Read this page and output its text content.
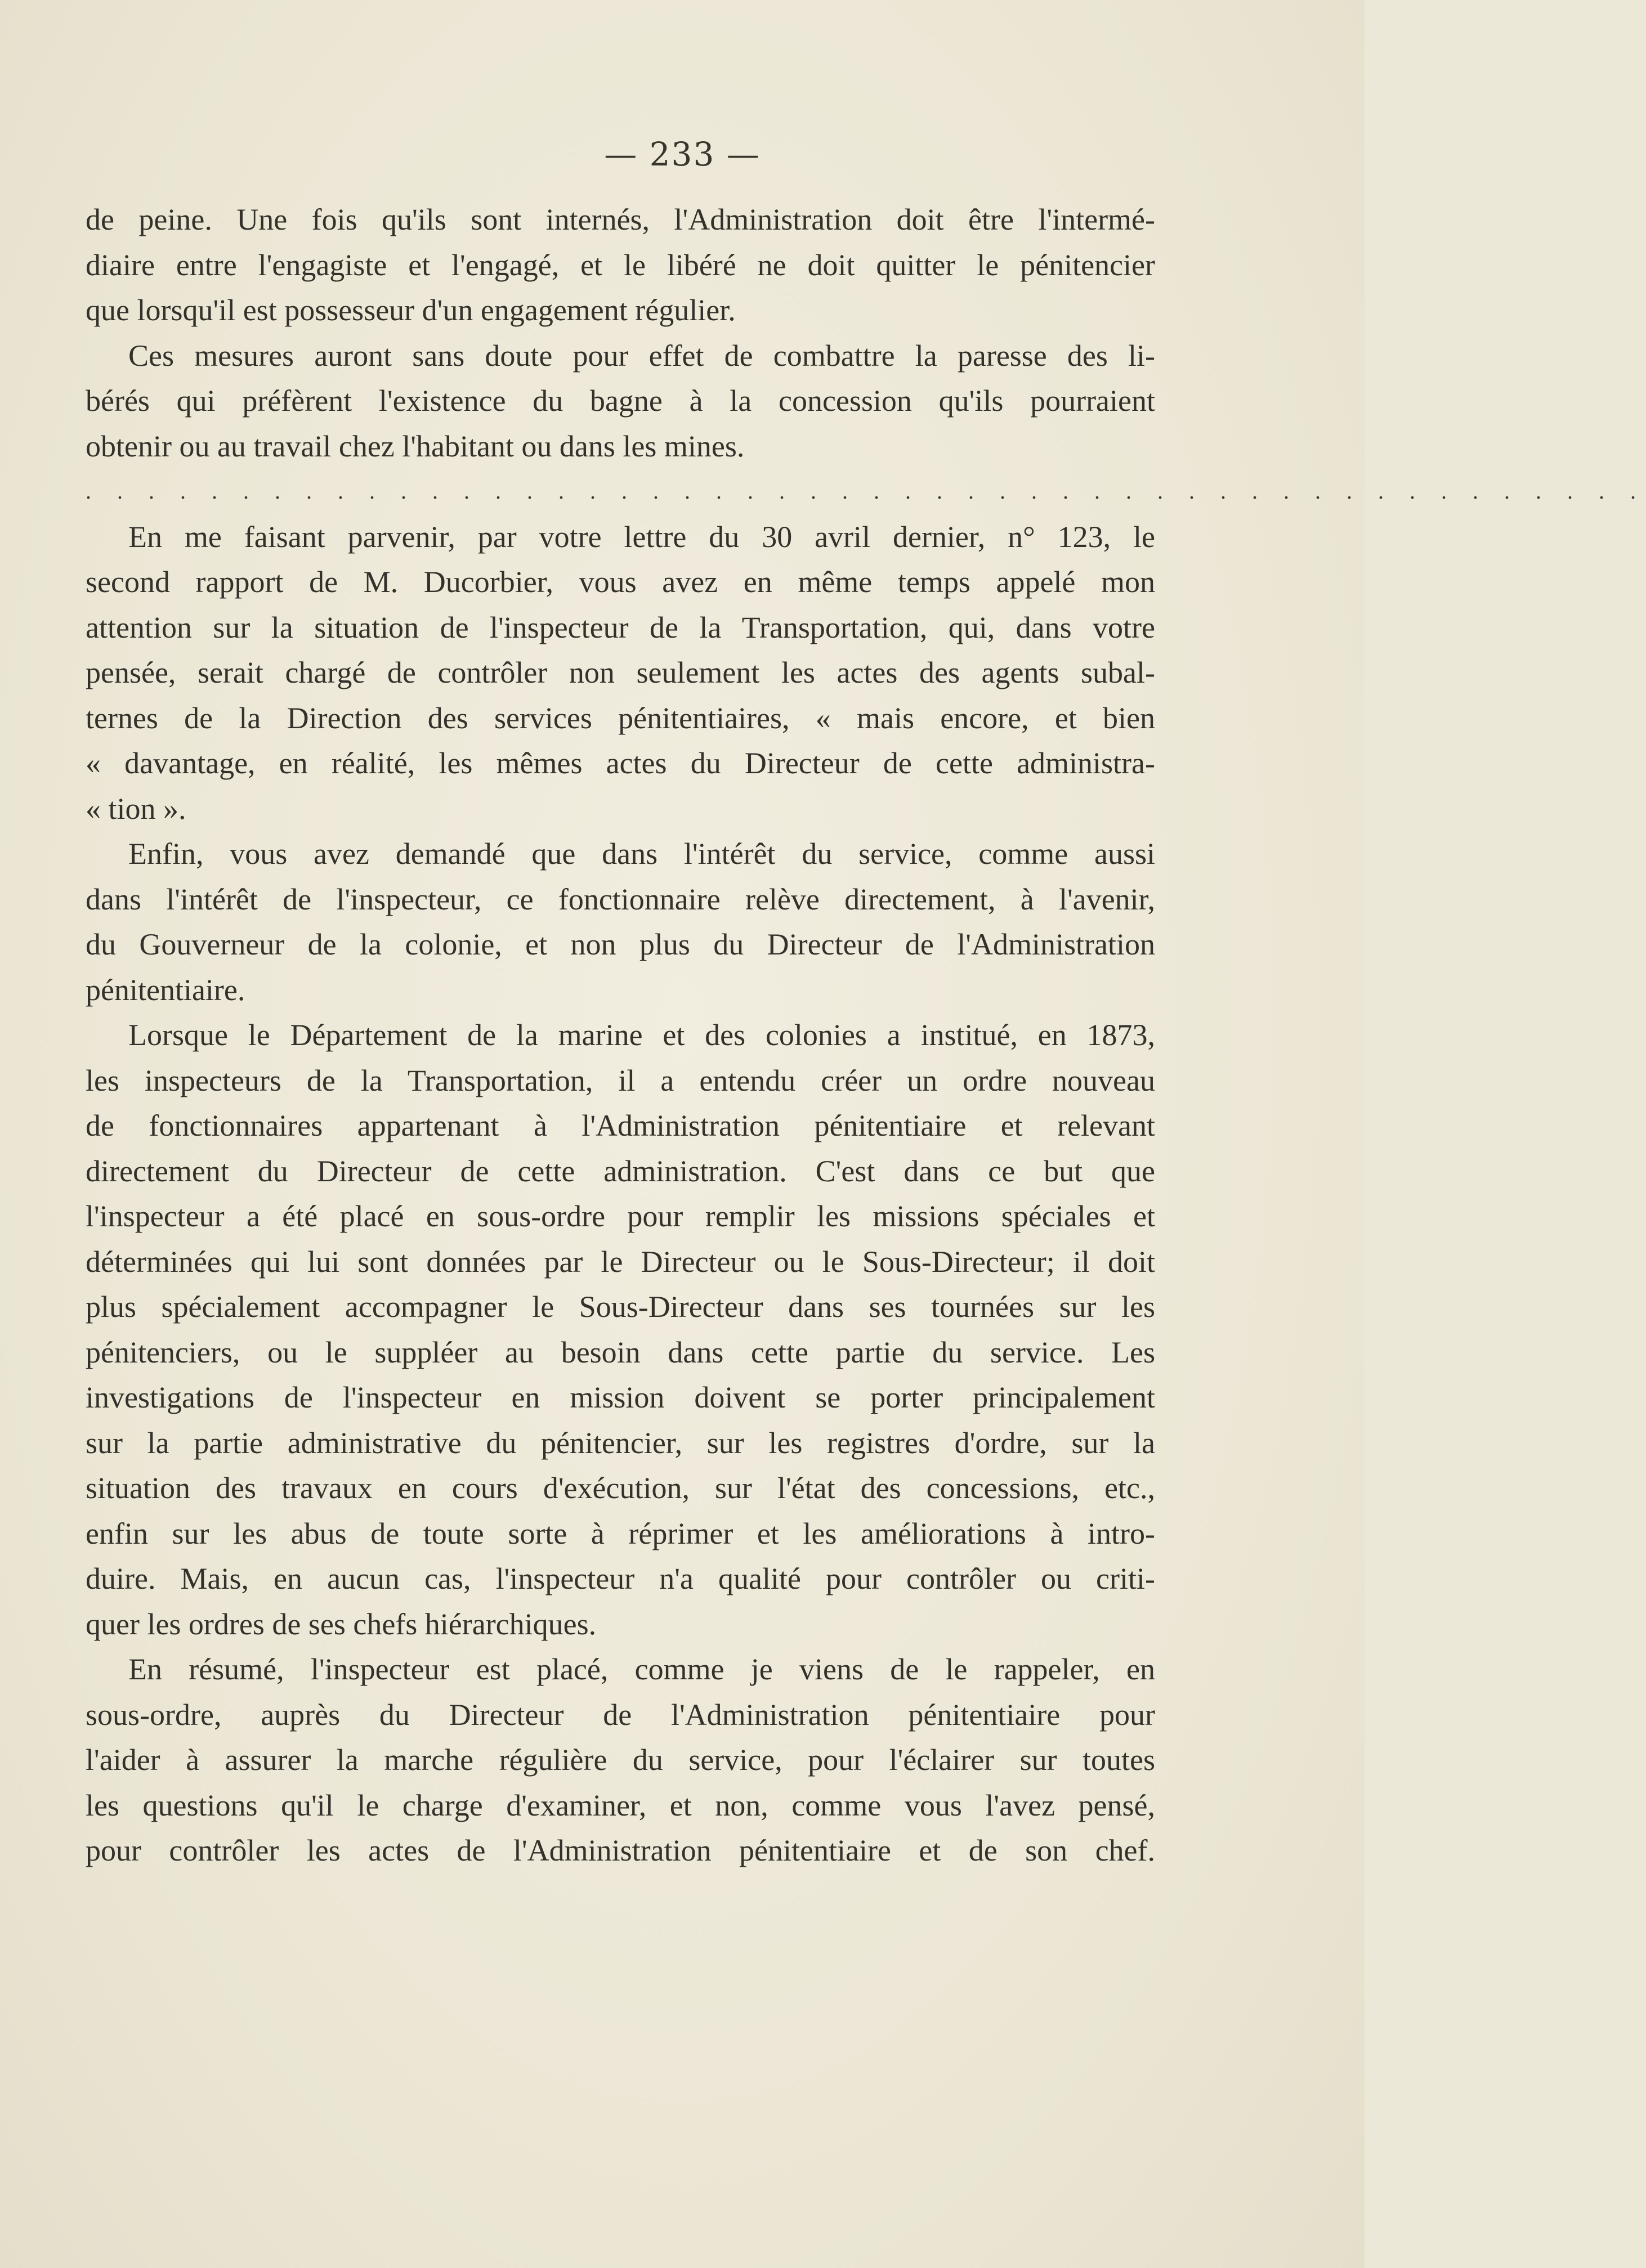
— 233 —
de peine. Une fois qu'ils sont internés, l'Administration doit être l'intermé-
diaire entre l'engagiste et l'engagé, et le libéré ne doit quitter le pénitencier
que lorsqu'il est possesseur d'un engagement régulier.
Ces mesures auront sans doute pour effet de combattre la paresse des li-
bérés qui préfèrent l'existence du bagne à la concession qu'ils pourraient
obtenir ou au travail chez l'habitant ou dans les mines.
. . . . . . . . . . . . . . . . . . . . . . . . . . . . . . . . . . . . . . . . . . . . . . . . . .
En me faisant parvenir, par votre lettre du 30 avril dernier, n° 123, le
second rapport de M. Ducorbier, vous avez en même temps appelé mon
attention sur la situation de l'inspecteur de la Transportation, qui, dans votre
pensée, serait chargé de contrôler non seulement les actes des agents subal-
ternes de la Direction des services pénitentiaires, « mais encore, et bien
« davantage, en réalité, les mêmes actes du Directeur de cette administra-
« tion ».
Enfin, vous avez demandé que dans l'intérêt du service, comme aussi
dans l'intérêt de l'inspecteur, ce fonctionnaire relève directement, à l'avenir,
du Gouverneur de la colonie, et non plus du Directeur de l'Administration
pénitentiaire.
Lorsque le Département de la marine et des colonies a institué, en 1873,
les inspecteurs de la Transportation, il a entendu créer un ordre nouveau
de fonctionnaires appartenant à l'Administration pénitentiaire et relevant
directement du Directeur de cette administration. C'est dans ce but que
l'inspecteur a été placé en sous-ordre pour remplir les missions spéciales et
déterminées qui lui sont données par le Directeur ou le Sous-Directeur; il doit
plus spécialement accompagner le Sous-Directeur dans ses tournées sur les
pénitenciers, ou le suppléer au besoin dans cette partie du service. Les
investigations de l'inspecteur en mission doivent se porter principalement
sur la partie administrative du pénitencier, sur les registres d'ordre, sur la
situation des travaux en cours d'exécution, sur l'état des concessions, etc.,
enfin sur les abus de toute sorte à réprimer et les améliorations à intro-
duire. Mais, en aucun cas, l'inspecteur n'a qualité pour contrôler ou criti-
quer les ordres de ses chefs hiérarchiques.
En résumé, l'inspecteur est placé, comme je viens de le rappeler, en
sous-ordre, auprès du Directeur de l'Administration pénitentiaire pour
l'aider à assurer la marche régulière du service, pour l'éclairer sur toutes
les questions qu'il le charge d'examiner, et non, comme vous l'avez pensé,
pour contrôler les actes de l'Administration pénitentiaire et de son chef.
